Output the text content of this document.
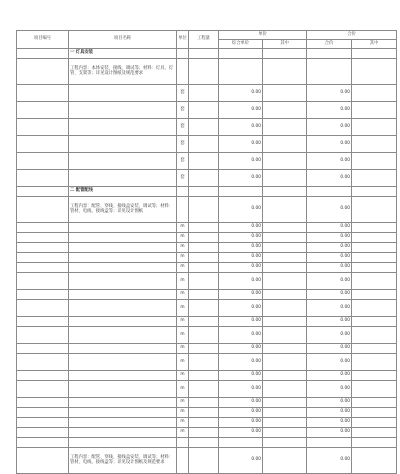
项目编号	项目名称	单位	工程量	单价		合价	
				综合单价	其中	合价	其中
	一 灯具安装						
	工程内容：本体安装、接线、调试等；材料：灯具、灯管、支架等；详见设计图纸及规范要求						
		套		0.00		0.00	
		套		0.00		0.00	
		套		0.00		0.00	
		套		0.00		0.00	
		套		0.00		0.00	
		套		0.00		0.00	
	二 配管配线						
	工程内容：配管、穿线、接线盒安装、调试等；材料：管材、电线、接线盒等；详见设计图纸			0.00		0.00	
		m		0.00		0.00	
		m		0.00		0.00	
		m		0.00		0.00	
		m		0.00		0.00	
		m		0.00		0.00	
		m		0.00		0.00	
		m		0.00		0.00	
		m		0.00		0.00	
		m		0.00		0.00	
		m		0.00		0.00	
		m		0.00		0.00	
		m		0.00		0.00	
		m		0.00		0.00	
		m		0.00		0.00	
		m		0.00		0.00	
		m		0.00		0.00	
		m		0.00		0.00	
		m		0.00		0.00	

	工程内容：配管、穿线、接线盒安装、调试等；材料：管材、电线、接线盒等；详见设计图纸及规范要求			0.00		0.00	
